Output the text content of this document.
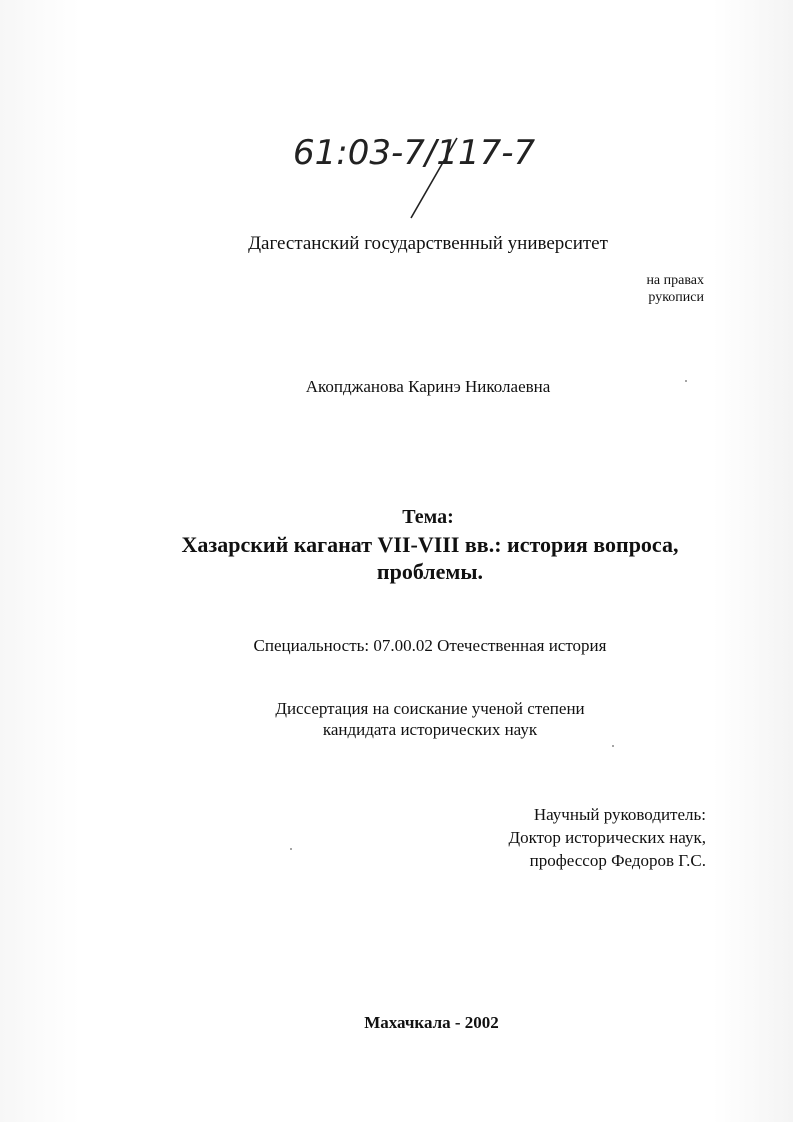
61:03-7/117-7
Дагестанский государственный университет
на правах
рукописи
Акопджанова Каринэ Николаевна
Тема:
Хазарский каганат VII-VIII вв.: история вопроса,
проблемы.
Специальность: 07.00.02 Отечественная история
Диссертация на соискание ученой степени
кандидата исторических наук
Научный руководитель:
Доктор исторических наук,
профессор Федоров Г.С.
Махачкала - 2002
